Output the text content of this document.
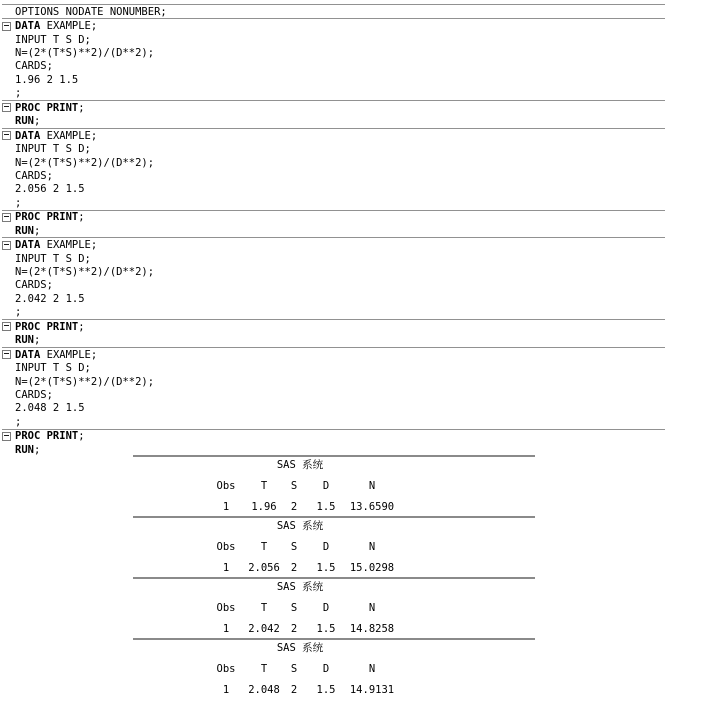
OPTIONS NODATE NONUMBER;
DATA EXAMPLE;
INPUT T S D;
N=(2*(T*S)**2)/(D**2);
CARDS;
1.96 2 1.5
;
PROC PRINT;
RUN;
DATA EXAMPLE;
INPUT T S D;
N=(2*(T*S)**2)/(D**2);
CARDS;
2.056 2 1.5
;
PROC PRINT;
RUN;
DATA EXAMPLE;
INPUT T S D;
N=(2*(T*S)**2)/(D**2);
CARDS;
2.042 2 1.5
;
PROC PRINT;
RUN;
DATA EXAMPLE;
INPUT T S D;
N=(2*(T*S)**2)/(D**2);
CARDS;
2.048 2 1.5
;
PROC PRINT;
RUN;
SAS 系统
Obs	T	S	D	N
1	1.96	2	1.5	13.6590
SAS 系统
Obs	T	S	D	N
1	2.056	2	1.5	15.0298
SAS 系统
Obs	T	S	D	N
1	2.042	2	1.5	14.8258
SAS 系统
Obs	T	S	D	N
1	2.048	2	1.5	14.9131
